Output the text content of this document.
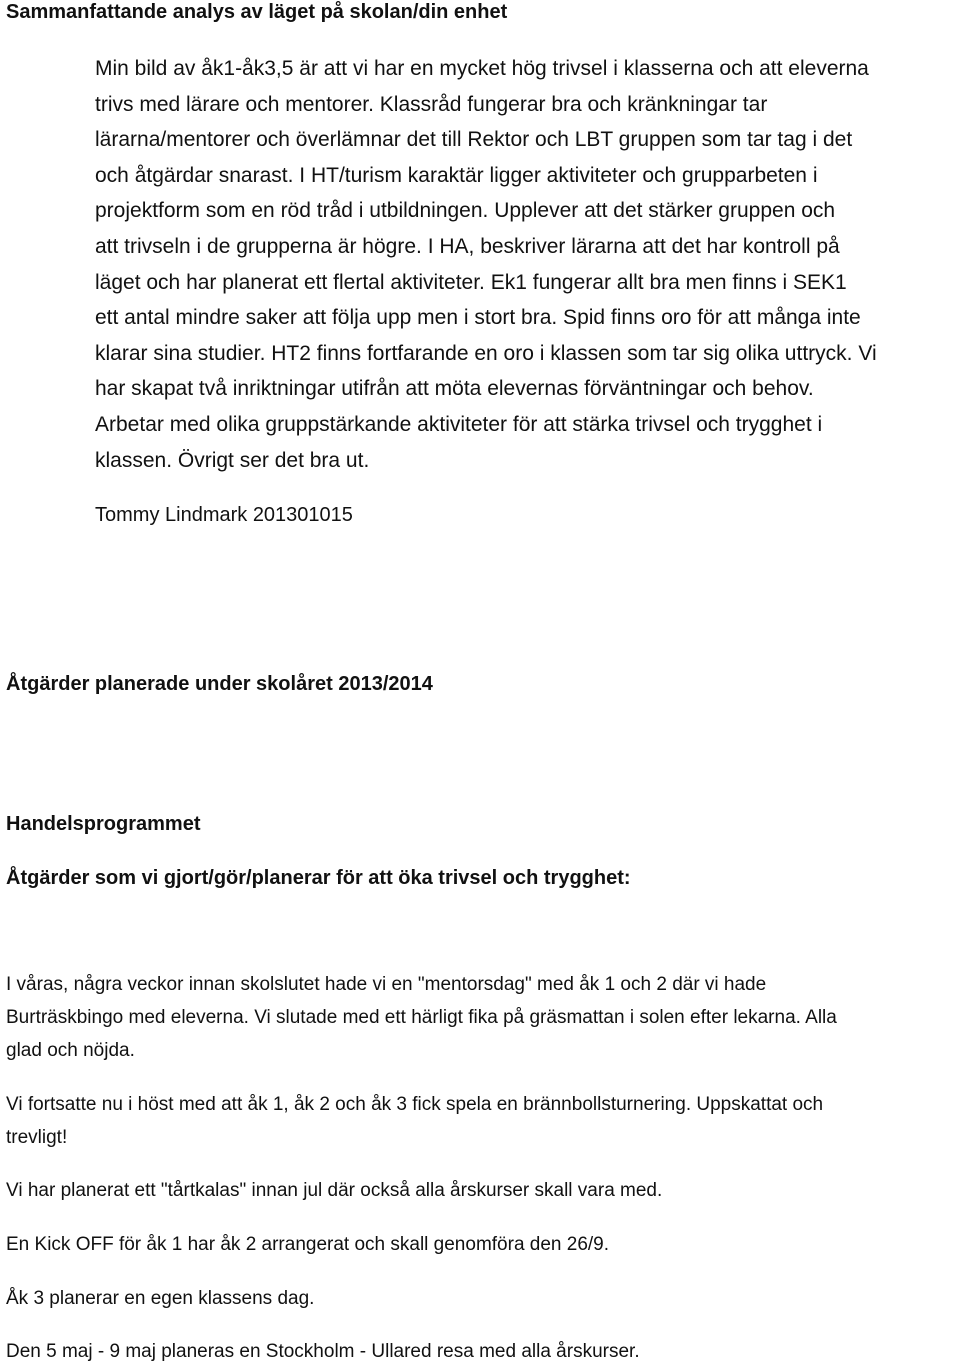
Sammanfattande analys av läget på skolan/din enhet
Min bild av åk1-åk3,5 är att vi har en mycket hög trivsel i klasserna och att eleverna
trivs med lärare och mentorer. Klassråd fungerar bra och kränkningar tar
lärarna/mentorer och överlämnar det till Rektor och LBT gruppen som tar tag i det
och åtgärdar snarast. I HT/turism karaktär ligger aktiviteter och grupparbeten i
projektform som en röd tråd i utbildningen. Upplever att det stärker gruppen och
att trivseln i de grupperna är högre. I HA, beskriver lärarna att det har kontroll på
läget och har planerat ett flertal aktiviteter. Ek1 fungerar allt bra men finns i SEK1
ett antal mindre saker att följa upp men i stort bra. Spid finns oro för att många inte
klarar sina studier. HT2 finns fortfarande en oro i klassen som tar sig olika uttryck. Vi
har skapat två inriktningar utifrån att möta elevernas förväntningar och behov.
Arbetar med olika gruppstärkande aktiviteter för att stärka trivsel och trygghet i
klassen. Övrigt ser det bra ut.
Tommy Lindmark 201301015
Åtgärder planerade under skolåret 2013/2014
Handelsprogrammet
Åtgärder som vi gjort/gör/planerar för att öka trivsel och trygghet:
I våras, några veckor innan skolslutet hade vi en "mentorsdag" med åk 1 och 2 där vi hade
Burträskbingo med eleverna. Vi slutade med ett härligt fika på gräsmattan i solen efter lekarna. Alla
glad och nöjda.
Vi fortsatte nu i höst med att åk 1, åk 2 och åk 3 fick spela en brännbollsturnering. Uppskattat och
trevligt!
Vi har planerat ett "tårtkalas" innan jul där också alla årskurser skall vara med.
En Kick OFF för åk 1 har åk 2 arrangerat och skall genomföra den 26/9.
Åk 3 planerar en egen klassens dag.
Den 5 maj - 9 maj planeras en Stockholm - Ullared resa med alla årskurser.
